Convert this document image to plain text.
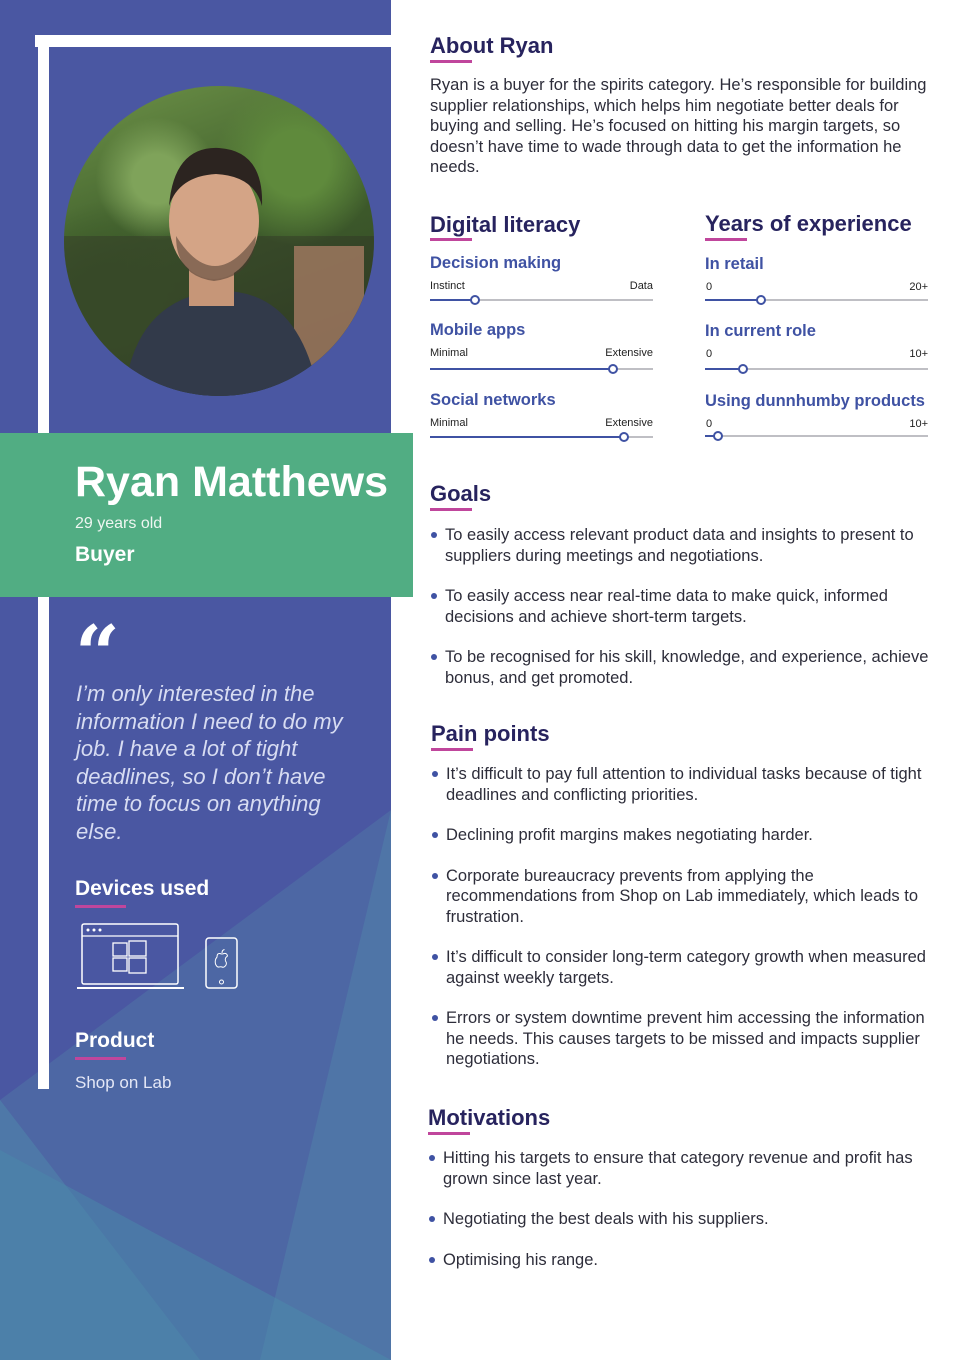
Ryan Matthews
29 years old
Buyer
“
I’m only interested in the information I need to do my job. I have a lot of tight deadlines, so I don’t have time to focus on anything else.
Devices used
Product
Shop on Lab
About Ryan
Ryan is a buyer for the spirits category. He’s responsible for building supplier relationships, which helps him negotiate better deals for buying and selling. He’s focused on hitting his margin targets, so doesn’t have time to wade through data to get the information he needs.
Digital literacy
Decision making
Instinct	Data
Mobile apps
Minimal	Extensive
Social networks
Minimal	Extensive
Years of experience
In retail
0	20+
In current role
0	10+
Using dunnhumby products
0	10+
Goals
To easily access relevant product data and insights to present to suppliers during meetings and negotiations.
To easily access near real-time data to make quick, informed decisions and achieve short-term targets.
To be recognised for his skill, knowledge, and experience, achieve bonus, and get promoted.
Pain points
It’s difficult to pay full attention to individual tasks because of tight deadlines and conflicting priorities.
Declining profit margins makes negotiating harder.
Corporate bureaucracy prevents from applying the recommendations from Shop on Lab immediately, which leads to frustration.
It’s difficult to consider long-term category growth when measured against weekly targets.
Errors or system downtime prevent him accessing the information he needs. This causes targets to be missed and impacts supplier negotiations.
Motivations
Hitting his targets to ensure that category revenue and profit has grown since last year.
Negotiating the best deals with his suppliers.
Optimising his range.
